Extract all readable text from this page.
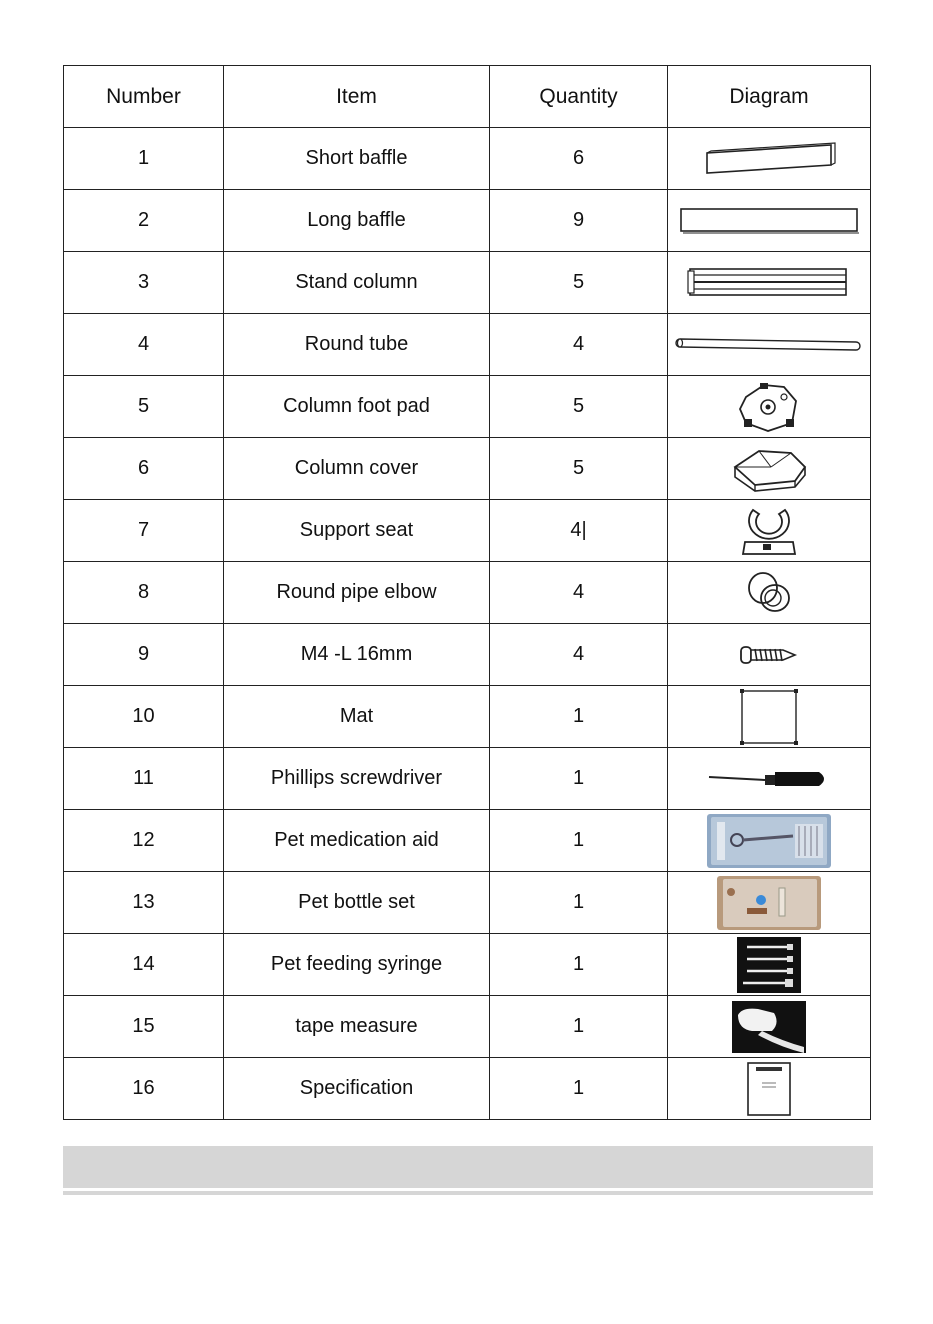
Number	Item	Quantity	Diagram
1	Short baffle	6	

2	Long baffle	9	

3	Stand column	5	

4	Round tube	4	

5	Column foot pad	5	

6	Column cover	5	

7	Support seat	4|	

8	Round pipe elbow	4	

9	M4 -L 16mm	4	

10	Mat	1	

11	Phillips screwdriver	1	

12	Pet medication aid	1	

13	Pet bottle set	1	

14	Pet feeding syringe	1	

15	tape measure	1	

16	Specification	1	
